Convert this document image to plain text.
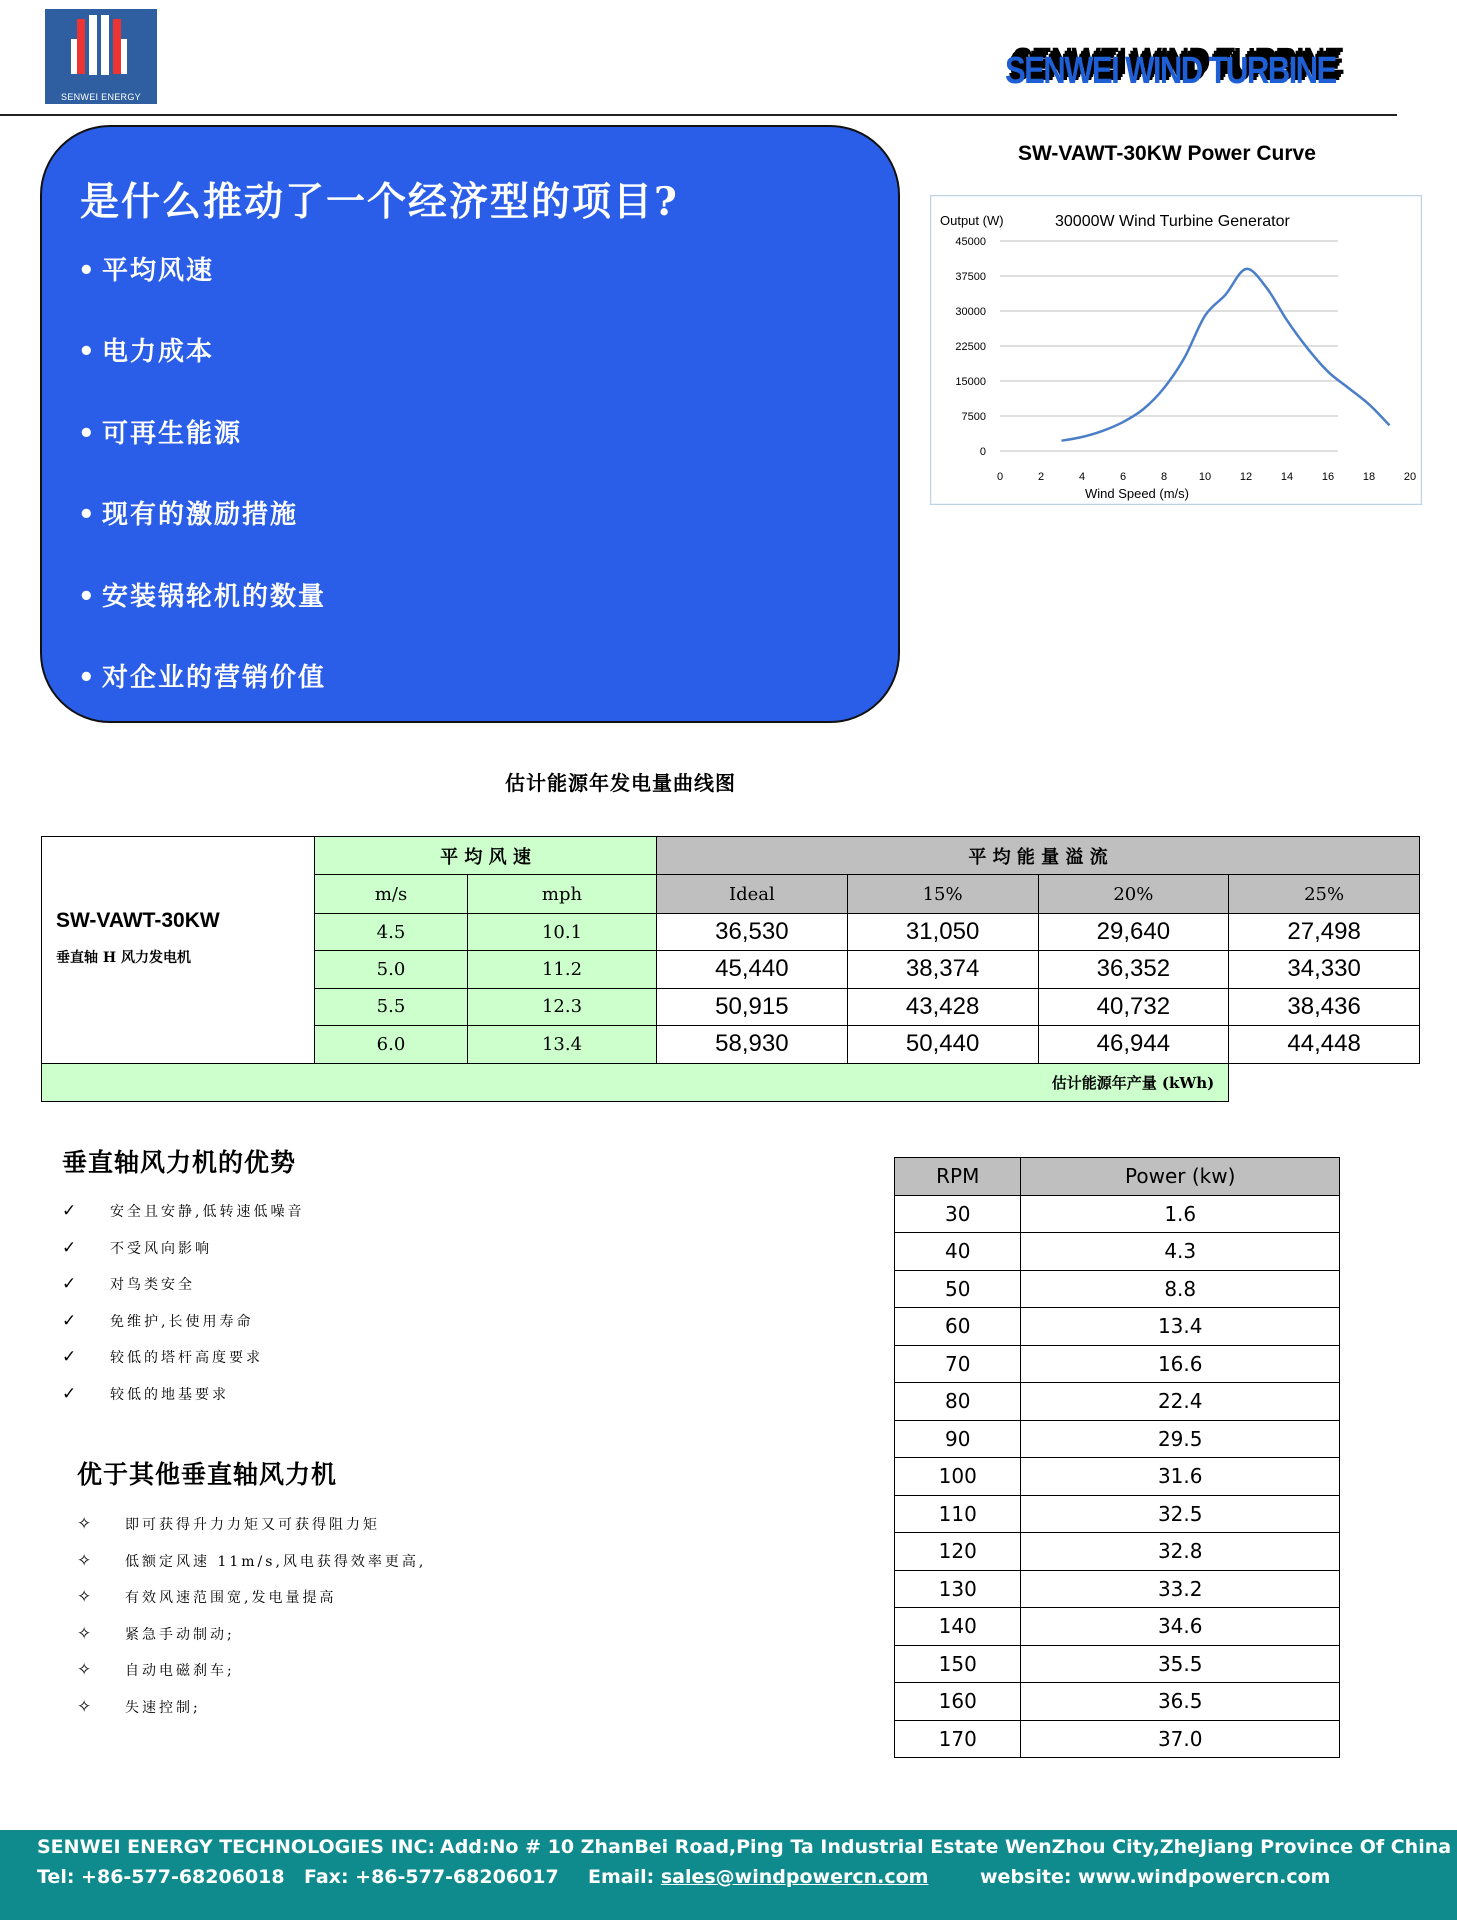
SENWEI ENERGY
SENWEI WIND TURBINE
是什么推动了一个经济型的项目?
• 平均风速
• 电力成本
• 可再生能源
• 现有的激励措施
• 安装锅轮机的数量
• 对企业的营销价值
SW-VAWT-30KW Power Curve
Output (W)	30000W Wind Turbine Generator
Wind Speed (m/s)
45000
37500
30000
22500
15000
7500
0
0	2	4	6	8	10	12	14	16	18	20
估计能源年发电量曲线图
SW-VAWT-30KW
垂直轴 H 风力发电机	平 均 风 速		平 均 能 量 溢 流			
	m/s	mph	Ideal	15%	20%	25%
	4.5	10.1	36,530	31,050	29,640	27,498
	5.0	11.2	45,440	38,374	36,352	34,330
	5.5	12.3	50,915	43,428	40,732	38,436
	6.0	13.4	58,930	50,440	46,944	44,448
估计能源年产量 (kWh)						
垂直轴风力机的优势
✓ 安全且安静,低转速低噪音
✓ 不受风向影响
✓ 对鸟类安全
✓ 免维护,长使用寿命
✓ 较低的塔杆高度要求
✓ 较低的地基要求
优于其他垂直轴风力机
✧ 即可获得升力力矩又可获得阻力矩
✧ 低额定风速 11m/s,风电获得效率更高,
✧ 有效风速范围宽,发电量提高
✧ 紧急手动制动;
✧ 自动电磁刹车;
✧ 失速控制;
RPM	Power (kw)
30	1.6
40	4.3
50	8.8
60	13.4
70	16.6
80	22.4
90	29.5
100	31.6
110	32.5
120	32.8
130	33.2
140	34.6
150	35.5
160	36.5
170	37.0
SENWEI ENERGY TECHNOLOGIES INC: Add:No # 10 ZhanBei Road,Ping Ta Industrial Estate WenZhou City,ZheJiang Province Of China
Tel: +86-577-68206018 Fax: +86-577-68206017 Email: sales@windpowercn.com	website: www.windpowercn.com
